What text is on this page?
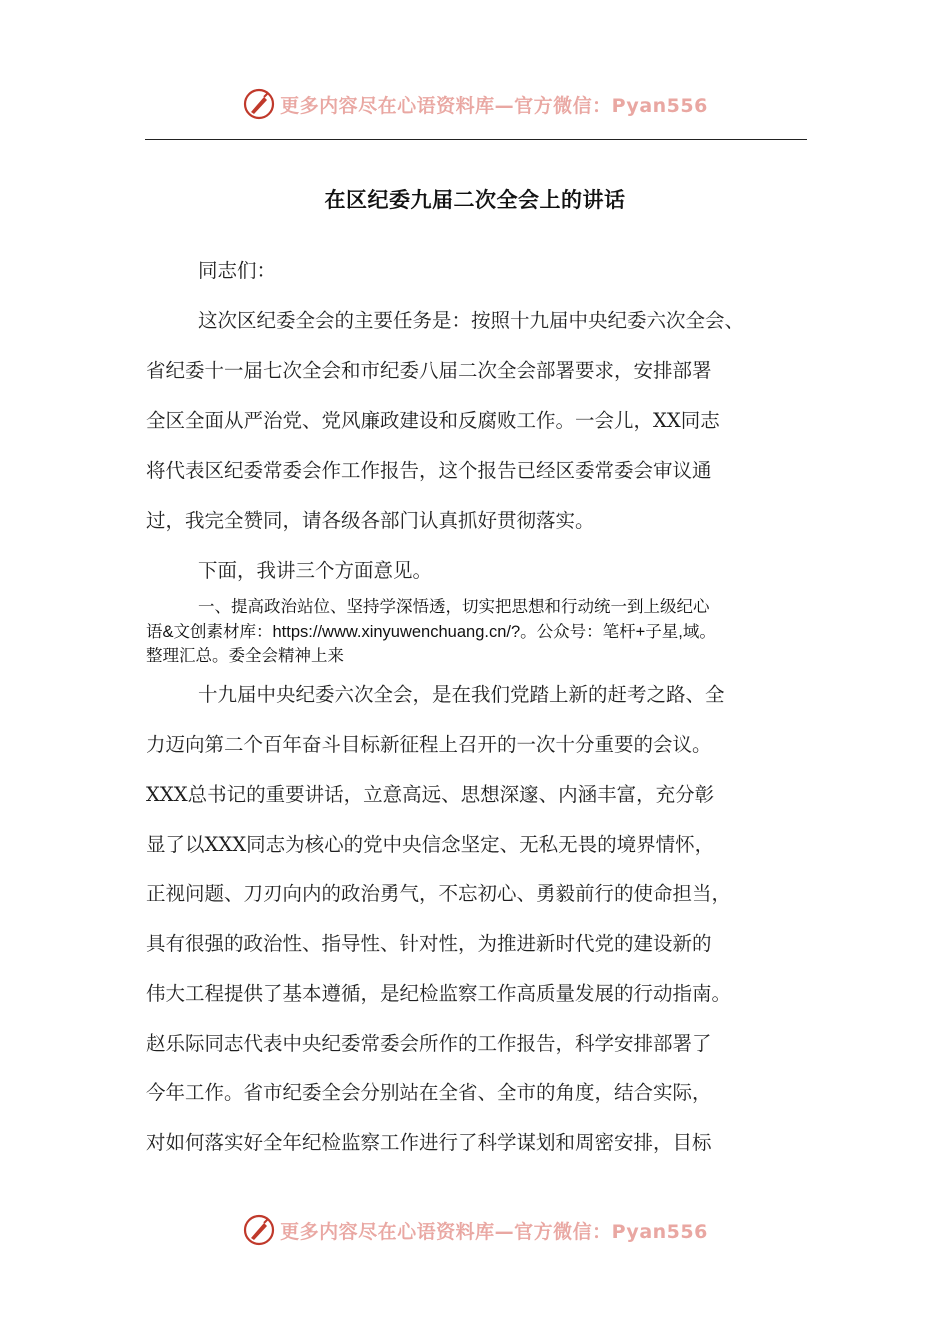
更多内容尽在心语资料库—官方微信：Pyan556
在区纪委九届二次全会上的讲话
同志们：
这次区纪委全会的主要任务是：按照十九届中央纪委六次全会、
省纪委十一届七次全会和市纪委八届二次全会部署要求，安排部署
全区全面从严治党、党风廉政建设和反腐败工作。一会儿，XX同志
将代表区纪委常委会作工作报告，这个报告已经区委常委会审议通
过，我完全赞同，请各级各部门认真抓好贯彻落实。
下面，我讲三个方面意见。
一、提高政治站位、坚持学深悟透，切实把思想和行动统一到上级纪心
语&文创素材库：https://www.xinyuwenchuang.cn/?。公众号：笔杆+子星,域。
整理汇总。委全会精神上来
十九届中央纪委六次全会，是在我们党踏上新的赶考之路、全
力迈向第二个百年奋斗目标新征程上召开的一次十分重要的会议。
XXX总书记的重要讲话，立意高远、思想深邃、内涵丰富，充分彰
显了以XXX同志为核心的党中央信念坚定、无私无畏的境界情怀，
正视问题、刀刃向内的政治勇气，不忘初心、勇毅前行的使命担当，
具有很强的政治性、指导性、针对性，为推进新时代党的建设新的
伟大工程提供了基本遵循，是纪检监察工作高质量发展的行动指南。
赵乐际同志代表中央纪委常委会所作的工作报告，科学安排部署了
今年工作。省市纪委全会分别站在全省、全市的角度，结合实际，
对如何落实好全年纪检监察工作进行了科学谋划和周密安排，目标
更多内容尽在心语资料库—官方微信：Pyan556
